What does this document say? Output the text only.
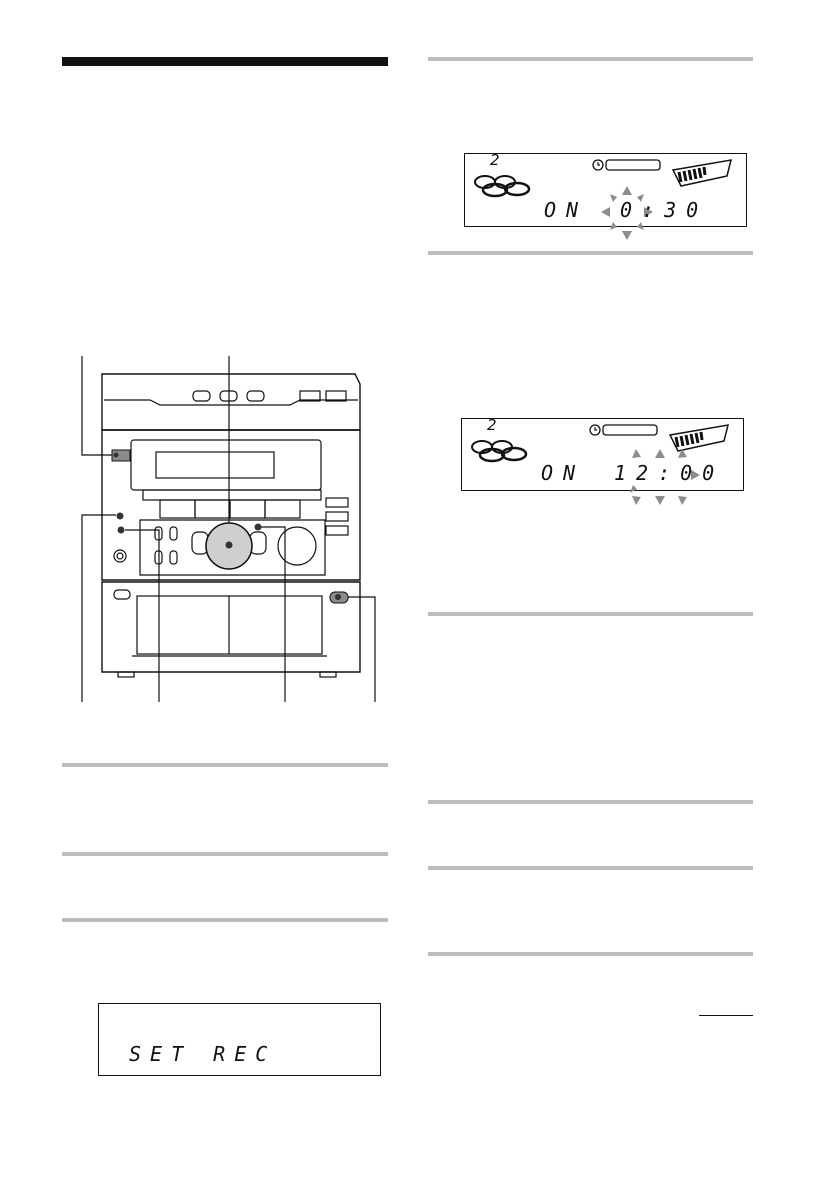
2
ON 0:30
2
ON 12:00
SET REC
